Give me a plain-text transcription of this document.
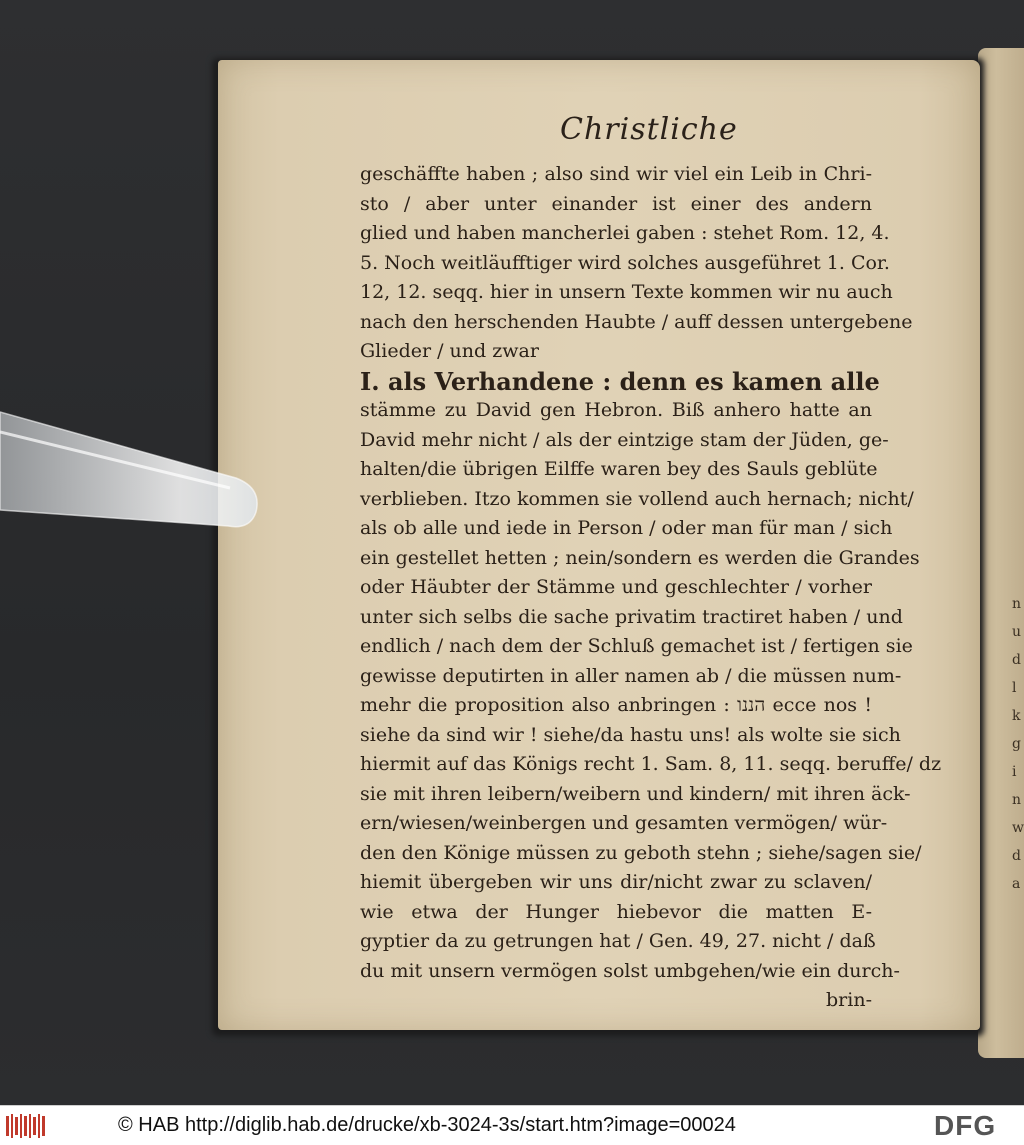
n
u
d
l
k
g
i
n
w
d
a
Christliche
geschäffte haben ; also sind wir viel ein Leib in Chri-
sto / aber unter einander ist einer des andern
glied und haben mancherlei gaben : stehet Rom. 12, 4.
5. Noch weitläufftiger wird solches ausgeführet 1. Cor.
12, 12. seqq. hier in unsern Texte kommen wir nu auch
nach den herschenden Haubte / auff dessen untergebene
Glieder / und zwar
I. als Verhandene : denn es kamen alle
stämme zu David gen Hebron. Biß anhero hatte an
David mehr nicht / als der eintzige stam der Jüden, ge-
halten/die übrigen Eilffe waren bey des Sauls geblüte
verblieben. Itzo kommen sie vollend auch hernach; nicht/
als ob alle und iede in Person / oder man für man / sich
ein gestellet hetten ; nein/sondern es werden die Grandes
oder Häubter der Stämme und geschlechter / vorher
unter sich selbs die sache privatim tractiret haben / und
endlich / nach dem der Schluß gemachet ist / fertigen sie
gewisse deputirten in aller namen ab / die müssen num-
mehr die proposition also anbringen : הננו ecce nos !
siehe da sind wir ! siehe/da hastu uns! als wolte sie sich
hiermit auf das Königs recht 1. Sam. 8, 11. seqq. beruffe/ dz
sie mit ihren leibern/weibern und kindern/ mit ihren äck-
ern/wiesen/weinbergen und gesamten vermögen/ wür-
den den Könige müssen zu geboth stehn ; siehe/sagen sie/
hiemit übergeben wir uns dir/nicht zwar zu sclaven/
wie etwa der Hunger hiebevor die matten E-
gyptier da zu getrungen hat / Gen. 49, 27. nicht / daß
du mit unsern vermögen solst umbgehen/wie ein durch-
brin-
© HAB http://diglib.hab.de/drucke/xb-3024-3s/start.htm?image=00024	DFG
